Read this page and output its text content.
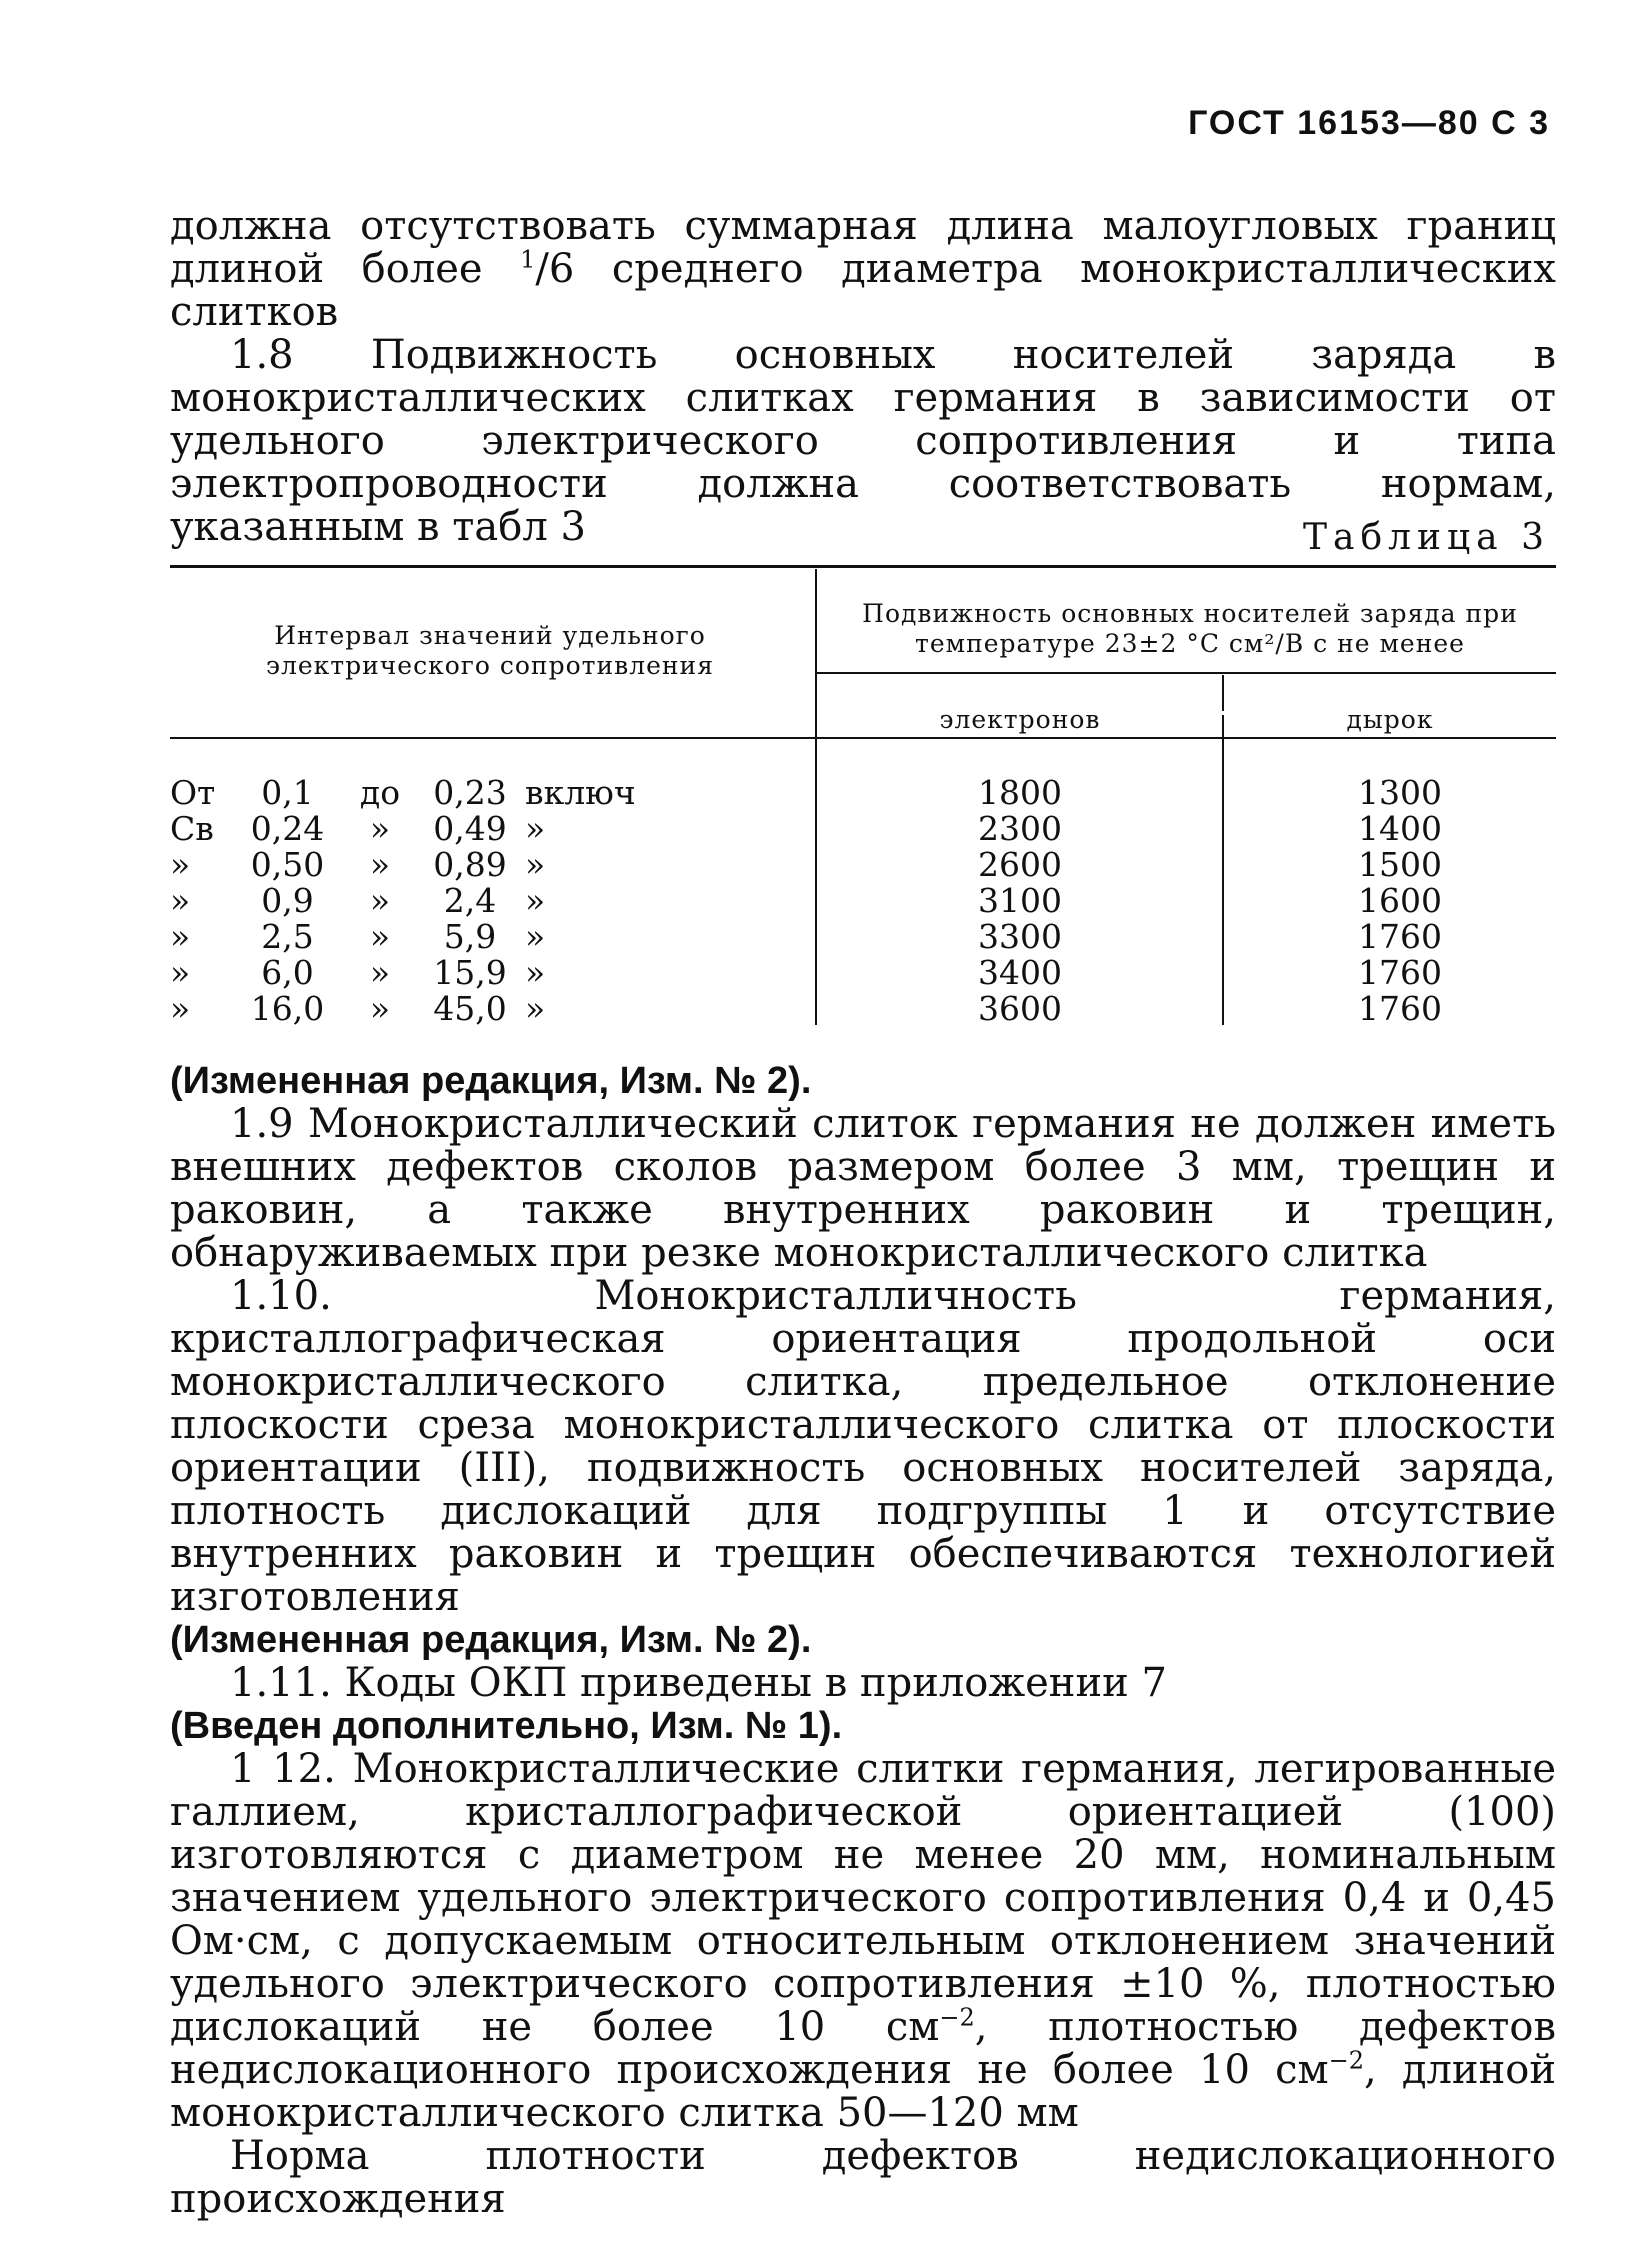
ГОСТ 16153—80 С 3

должна отсутствовать суммарная длина малоугловых границ длиной более $^1$/6 среднего диаметра монокристаллических слитков

1.8 Подвижность основных носителей заряда в монокристаллических слитках германия в зависимости от удельного электрического сопротивления и типа электропроводности должна соответствовать нормам, указанным в табл 3	Таблица 3
Интервал значений удельного электрического сопротивления
Подвижность основных носителей заряда при температуре 23±2 °С см²/В с не менее
электронов	дырок
От	0,1	до	0,23 включ	1800	1300
Св	0,24	»	0,49 »	2300	1400
»	0,50	»	0,89 »	2600	1500
»	0,9	»	2,4 »	3100	1600
»	2,5	»	5,9 »	3300	1760
»	6,0	»	15,9 »	3400	1760
»	16,0	»	45,0 »	3600	1760

(Измененная редакция, Изм. № 2).

1.9 Монокристаллический слиток германия не должен иметь внешних дефектов сколов размером более 3 мм, трещин и раковин, а также внутренних раковин и трещин, обнаруживаемых при резке монокристаллического слитка

1.10. Монокристалличность германия, кристаллографическая ориентация продольной оси монокристаллического слитка, предельное отклонение плоскости среза монокристаллического слитка от плоскости ориентации (III), подвижность основных носителей заряда, плотность дислокаций для подгруппы 1 и отсутствие внутренних раковин и трещин обеспечиваются технологией изготовления

(Измененная редакция, Изм. № 2).

1.11. Коды ОКП приведены в приложении 7

(Введен дополнительно, Изм. № 1).

1 12. Монокристаллические слитки германия, легированные галлием, кристаллографической ориентацией (100) изготовляются с диаметром не менее 20 мм, номинальным значением удельного электрического сопротивления 0,4 и 0,45 Ом·см, с допускаемым относительным отклонением значений удельного электрического сопротивления ±10 %, плотностью дислокаций не более 10 $см^{-2}$, плотностью дефектов недислокационного происхождения не более 10 $см^{-2}$, длиной монокристаллического слитка 50—120 мм

Норма плотности дефектов недислокационного происхождения
